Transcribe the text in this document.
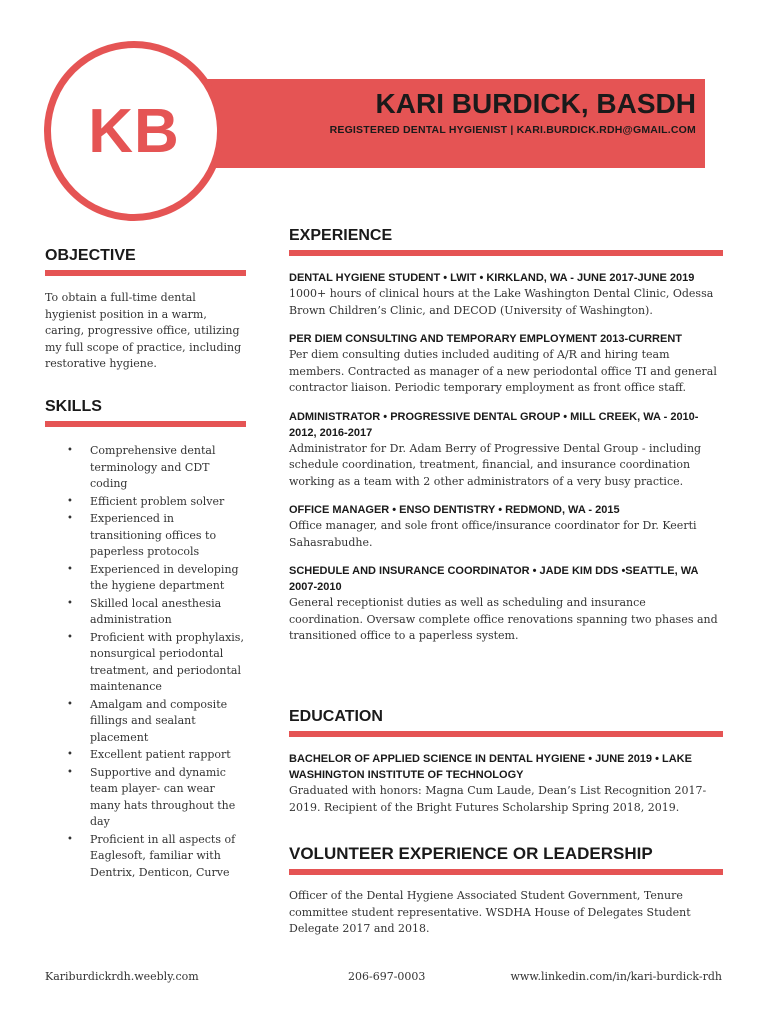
KB	KARI BURDICK, BASDH
REGISTERED DENTAL HYGIENIST | KARI.BURDICK.RDH@GMAIL.COM
OBJECTIVE

To obtain a full-time dental hygienist position in a warm, caring, progressive office, utilizing my full scope of practice, including restorative hygiene.

SKILLS
• Comprehensive dental terminology and CDT coding
• Efficient problem solver
• Experienced in transitioning offices to paperless protocols
• Experienced in developing the hygiene department
• Skilled local anesthesia administration
• Proficient with prophylaxis, nonsurgical periodontal treatment, and periodontal maintenance
• Amalgam and composite fillings and sealant placement
• Excellent patient rapport
• Supportive and dynamic team player- can wear many hats throughout the day
• Proficient in all aspects of Eaglesoft, familiar with Dentrix, Denticon, Curve
EXPERIENCE
DENTAL HYGIENE STUDENT • LWIT • KIRKLAND, WA - JUNE 2017-JUNE 2019
1000+ hours of clinical hours at the Lake Washington Dental Clinic, Odessa Brown Children’s Clinic, and DECOD (University of Washington).
PER DIEM CONSULTING AND TEMPORARY EMPLOYMENT 2013-CURRENT
Per diem consulting duties included auditing of A/R and hiring team members. Contracted as manager of a new periodontal office TI and general contractor liaison. Periodic temporary employment as front office staff.
ADMINISTRATOR • PROGRESSIVE DENTAL GROUP • MILL CREEK, WA - 2010-2012, 2016-2017
Administrator for Dr. Adam Berry of Progressive Dental Group - including schedule coordination, treatment, financial, and insurance coordination working as a team with 2 other administrators of a very busy practice.
OFFICE MANAGER • ENSO DENTISTRY • REDMOND, WA - 2015
Office manager, and sole front office/insurance coordinator for Dr. Keerti Sahasrabudhe.
SCHEDULE AND INSURANCE COORDINATOR • JADE KIM DDS •SEATTLE, WA 2007-2010
General receptionist duties as well as scheduling and insurance coordination. Oversaw complete office renovations spanning two phases and transitioned office to a paperless system.
EDUCATION
BACHELOR OF APPLIED SCIENCE IN DENTAL HYGIENE • JUNE 2019 • LAKE WASHINGTON INSTITUTE OF TECHNOLOGY
Graduated with honors: Magna Cum Laude, Dean’s List Recognition 2017-2019. Recipient of the Bright Futures Scholarship Spring 2018, 2019.
VOLUNTEER EXPERIENCE OR LEADERSHIP

Officer of the Dental Hygiene Associated Student Government, Tenure committee student representative. WSDHA House of Delegates Student Delegate 2017 and 2018.

Kariburdickrdh.weebly.com	206-697-0003	www.linkedin.com/in/kari-burdick-rdh
